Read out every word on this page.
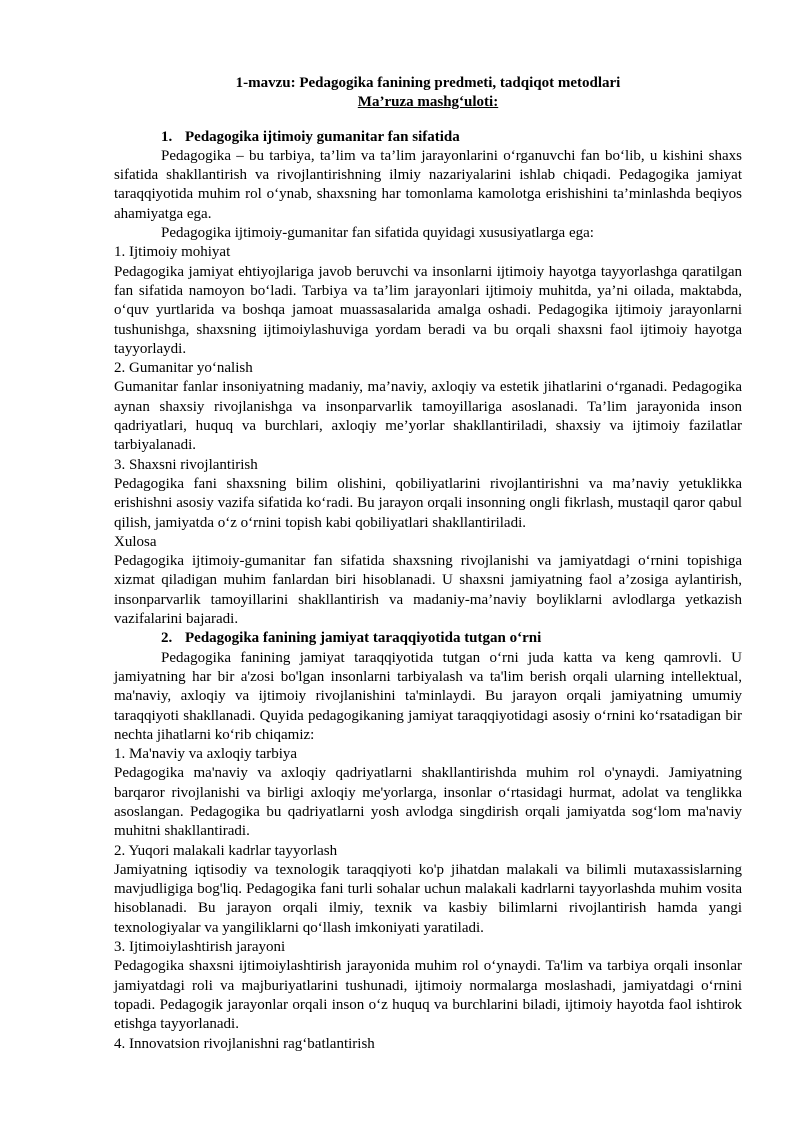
1-mavzu: Pedagogika fanining predmeti, tadqiqot metodlari

Ma’ruza mashg‘uloti:

1. Pedagogika ijtimoiy gumanitar fan sifatida

Pedagogika – bu tarbiya, ta’lim va ta’lim jarayonlarini o‘rganuvchi fan bo‘lib, u kishini shaxs sifatida shakllantirish va rivojlantirishning ilmiy nazariyalarini ishlab chiqadi. Pedagogika jamiyat taraqqiyotida muhim rol o‘ynab, shaxsning har tomonlama kamolotga erishishini ta’minlashda beqiyos ahamiyatga ega.

Pedagogika ijtimoiy-gumanitar fan sifatida quyidagi xususiyatlarga ega:

1. Ijtimoiy mohiyat

Pedagogika jamiyat ehtiyojlariga javob beruvchi va insonlarni ijtimoiy hayotga tayyorlashga qaratilgan fan sifatida namoyon bo‘ladi. Tarbiya va ta’lim jarayonlari ijtimoiy muhitda, ya’ni oilada, maktabda, o‘quv yurtlarida va boshqa jamoat muassasalarida amalga oshadi. Pedagogika ijtimoiy jarayonlarni tushunishga, shaxsning ijtimoiylashuviga yordam beradi va bu orqali shaxsni faol ijtimoiy hayotga tayyorlaydi.

2. Gumanitar yo‘nalish

Gumanitar fanlar insoniyatning madaniy, ma’naviy, axloqiy va estetik jihatlarini o‘rganadi. Pedagogika aynan shaxsiy rivojlanishga va insonparvarlik tamoyillariga asoslanadi. Ta’lim jarayonida inson qadriyatlari, huquq va burchlari, axloqiy me’yorlar shakllantiriladi, shaxsiy va ijtimoiy fazilatlar tarbiyalanadi.

3. Shaxsni rivojlantirish

Pedagogika fani shaxsning bilim olishini, qobiliyatlarini rivojlantirishni va ma’naviy yetuklikka erishishni asosiy vazifa sifatida ko‘radi. Bu jarayon orqali insonning ongli fikrlash, mustaqil qaror qabul qilish, jamiyatda o‘z o‘rnini topish kabi qobiliyatlari shakllantiriladi.

Xulosa

Pedagogika ijtimoiy-gumanitar fan sifatida shaxsning rivojlanishi va jamiyatdagi o‘rnini topishiga xizmat qiladigan muhim fanlardan biri hisoblanadi. U shaxsni jamiyatning faol a’zosiga aylantirish, insonparvarlik tamoyillarini shakllantirish va madaniy-ma’naviy boyliklarni avlodlarga yetkazish vazifalarini bajaradi.

2. Pedagogika fanining jamiyat taraqqiyotida tutgan o‘rni

Pedagogika fanining jamiyat taraqqiyotida tutgan o‘rni juda katta va keng qamrovli. U jamiyatning har bir a'zosi bo'lgan insonlarni tarbiyalash va ta'lim berish orqali ularning intellektual, ma'naviy, axloqiy va ijtimoiy rivojlanishini ta'minlaydi. Bu jarayon orqali jamiyatning umumiy taraqqiyoti shakllanadi. Quyida pedagogikaning jamiyat taraqqiyotidagi asosiy o‘rnini ko‘rsatadigan bir nechta jihatlarni ko‘rib chiqamiz:

1. Ma'naviy va axloqiy tarbiya

Pedagogika ma'naviy va axloqiy qadriyatlarni shakllantirishda muhim rol o'ynaydi. Jamiyatning barqaror rivojlanishi va birligi axloqiy me'yorlarga, insonlar o‘rtasidagi hurmat, adolat va tenglikka asoslangan. Pedagogika bu qadriyatlarni yosh avlodga singdirish orqali jamiyatda sog‘lom ma'naviy muhitni shakllantiradi.

2. Yuqori malakali kadrlar tayyorlash

Jamiyatning iqtisodiy va texnologik taraqqiyoti ko'p jihatdan malakali va bilimli mutaxassislarning mavjudligiga bog'liq. Pedagogika fani turli sohalar uchun malakali kadrlarni tayyorlashda muhim vosita hisoblanadi. Bu jarayon orqali ilmiy, texnik va kasbiy bilimlarni rivojlantirish hamda yangi texnologiyalar va yangiliklarni qo‘llash imkoniyati yaratiladi.

3. Ijtimoiylashtirish jarayoni

Pedagogika shaxsni ijtimoiylashtirish jarayonida muhim rol o‘ynaydi. Ta'lim va tarbiya orqali insonlar jamiyatdagi roli va majburiyatlarini tushunadi, ijtimoiy normalarga moslashadi, jamiyatdagi o‘rnini topadi. Pedagogik jarayonlar orqali inson o‘z huquq va burchlarini biladi, ijtimoiy hayotda faol ishtirok etishga tayyorlanadi.

4. Innovatsion rivojlanishni rag‘batlantirish
